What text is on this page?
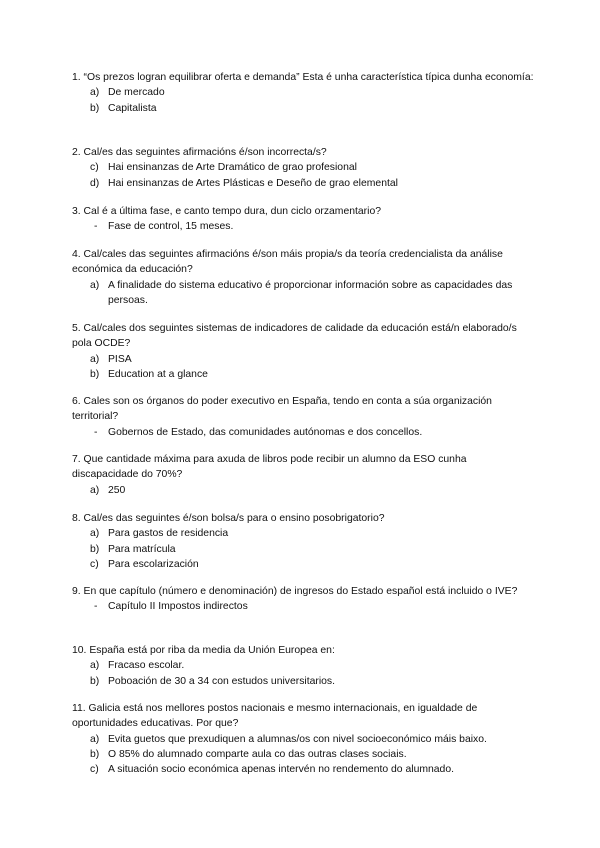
1. “Os prezos logran equilibrar oferta e demanda” Esta é unha característica típica dunha economía:

a) De mercado
b) Capitalista

2. Cal/es das seguintes afirmacións é/son incorrecta/s?

c) Hai ensinanzas de Arte Dramático de grao profesional
d) Hai ensinanzas de Artes Plásticas e Deseño de grao elemental

3. Cal é a última fase, e canto tempo dura, dun ciclo orzamentario?

- Fase de control, 15 meses.

4. Cal/cales das seguintes afirmacións é/son máis propia/s da teoría credencialista da análise económica da educación?

a) A finalidade do sistema educativo é proporcionar información sobre as capacidades das persoas.

5. Cal/cales dos seguintes sistemas de indicadores de calidade da educación está/n elaborado/s pola OCDE?

a) PISA
b) Education at a glance

6. Cales son os órganos do poder executivo en España, tendo en conta a súa organización territorial?

- Gobernos de Estado, das comunidades autónomas e dos concellos.

7. Que cantidade máxima para axuda de libros pode recibir un alumno da ESO cunha discapacidade do 70%?

a) 250

8. Cal/es das seguintes é/son bolsa/s para o ensino posobrigatorio?

a) Para gastos de residencia
b) Para matrícula
c) Para escolarización

9. En que capítulo (número e denominación) de ingresos do Estado español está incluido o IVE?

- Capítulo II Impostos indirectos

10. España está por riba da media da Unión Europea en:

a) Fracaso escolar.
b) Poboación de 30 a 34 con estudos universitarios.

11. Galicia está nos mellores postos nacionais e mesmo internacionais, en igualdade de oportunidades educativas. Por que?

a) Evita guetos que prexudiquen a alumnas/os con nivel socioeconómico máis baixo.
b) O 85% do alumnado comparte aula co das outras clases sociais.
c) A situación socio económica apenas intervén no rendemento do alumnado.
